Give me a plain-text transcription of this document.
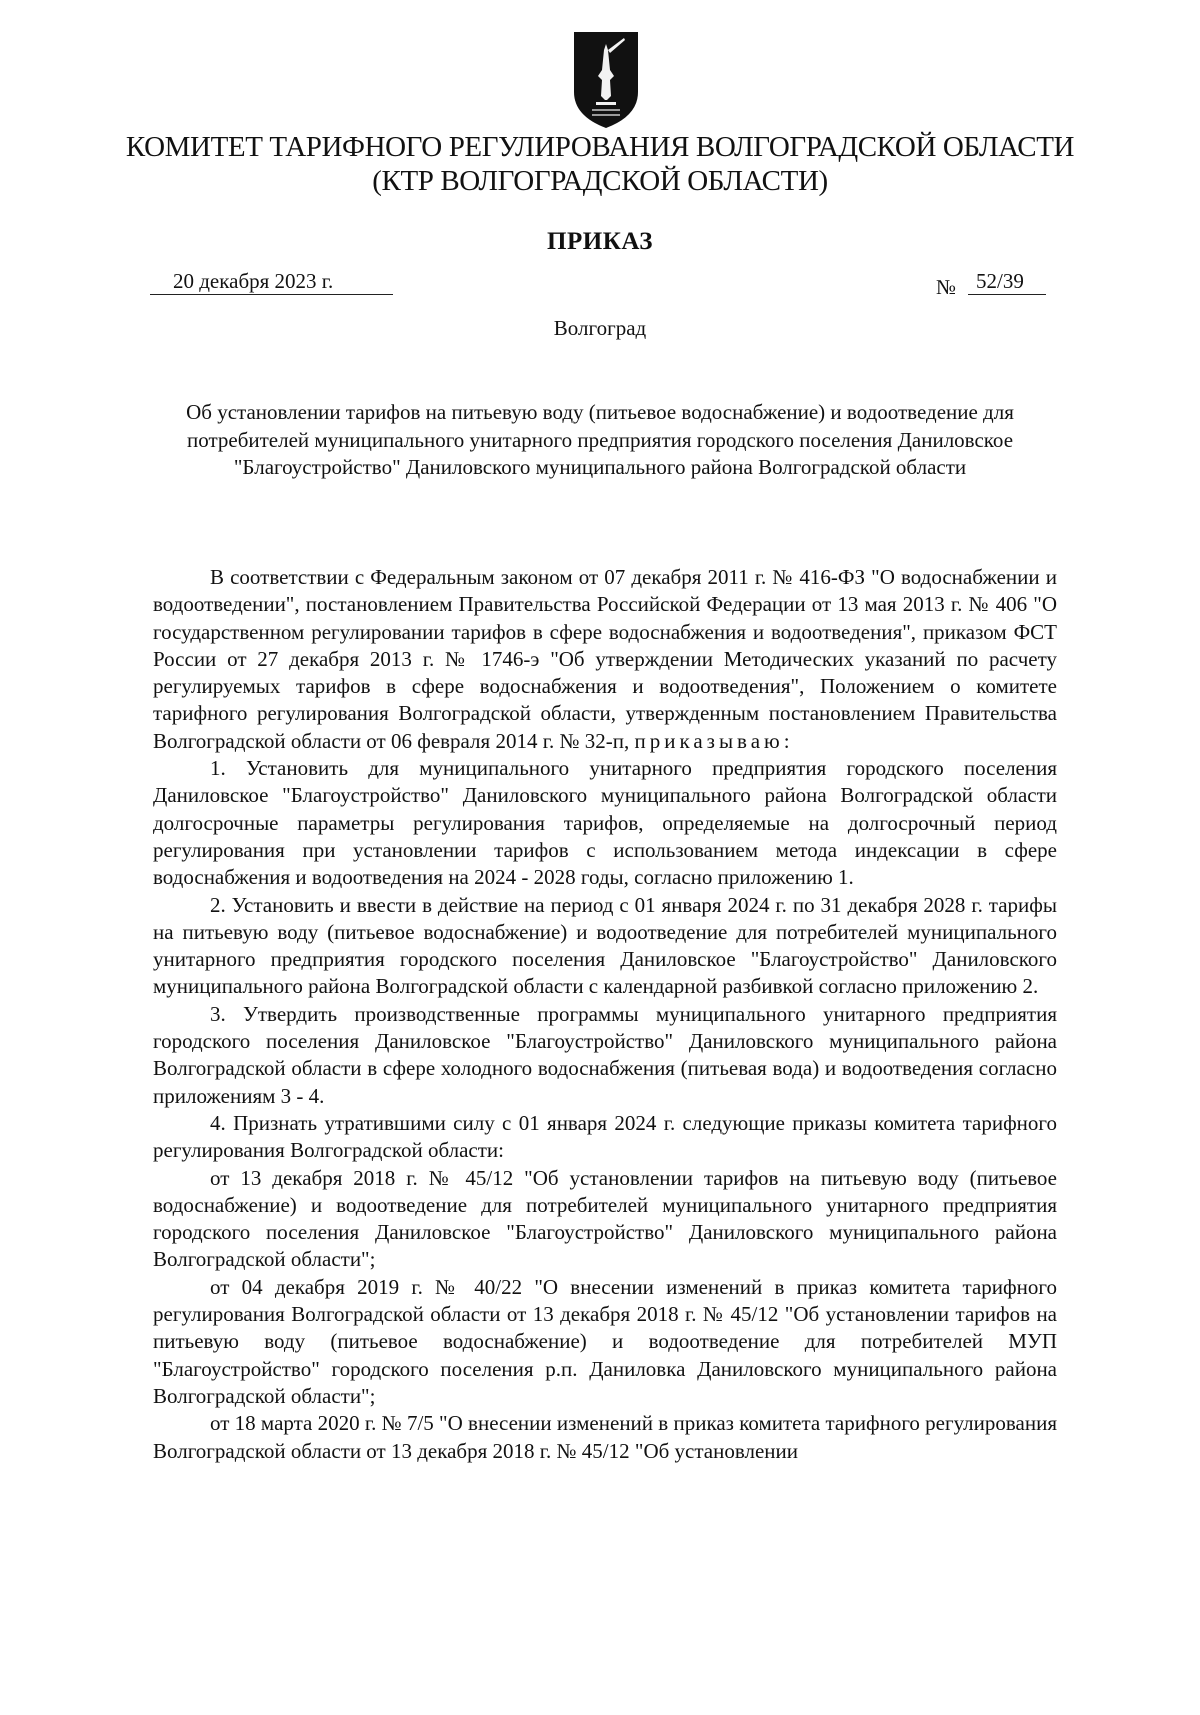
КОМИТЕТ ТАРИФНОГО РЕГУЛИРОВАНИЯ ВОЛГОГРАДСКОЙ ОБЛАСТИ
(КТР ВОЛГОГРАДСКОЙ ОБЛАСТИ)
ПРИКАЗ
20 декабря 2023 г.	№ 52/39
Волгоград
Об установлении тарифов на питьевую воду (питьевое водоснабжение) и водоотведение для потребителей муниципального унитарного предприятия городского поселения Даниловское "Благоустройство" Даниловского муниципального района Волгоградской области

В соответствии с Федеральным законом от 07 декабря 2011 г. № 416-ФЗ "О водоснабжении и водоотведении", постановлением Правительства Российской Федерации от 13 мая 2013 г. № 406 "О государственном регулировании тарифов в сфере водоснабжения и водоотведения", приказом ФСТ России от 27 декабря 2013 г. № 1746-э "Об утверждении Методических указаний по расчету регулируемых тарифов в сфере водоснабжения и водоотведения", Положением о комитете тарифного регулирования Волгоградской области, утвержденным постановлением Правительства Волгоградской области от 06 февраля 2014 г. № 32-п, приказываю:

1. Установить для муниципального унитарного предприятия городского поселения Даниловское "Благоустройство" Даниловского муниципального района Волгоградской области долгосрочные параметры регулирования тарифов, определяемые на долгосрочный период регулирования при установлении тарифов с использованием метода индексации в сфере водоснабжения и водоотведения на 2024 - 2028 годы, согласно приложению 1.

2. Установить и ввести в действие на период с 01 января 2024 г. по 31 декабря 2028 г. тарифы на питьевую воду (питьевое водоснабжение) и водоотведение для потребителей муниципального унитарного предприятия городского поселения Даниловское "Благоустройство" Даниловского муниципального района Волгоградской области с календарной разбивкой согласно приложению 2.

3. Утвердить производственные программы муниципального унитарного предприятия городского поселения Даниловское "Благоустройство" Даниловского муниципального района Волгоградской области в сфере холодного водоснабжения (питьевая вода) и водоотведения согласно приложениям 3 - 4.

4. Признать утратившими силу с 01 января 2024 г. следующие приказы комитета тарифного регулирования Волгоградской области:

от 13 декабря 2018 г. № 45/12 "Об установлении тарифов на питьевую воду (питьевое водоснабжение) и водоотведение для потребителей муниципального унитарного предприятия городского поселения Даниловское "Благоустройство" Даниловского муниципального района Волгоградской области";

от 04 декабря 2019 г. № 40/22 "О внесении изменений в приказ комитета тарифного регулирования Волгоградской области от 13 декабря 2018 г. № 45/12 "Об установлении тарифов на питьевую воду (питьевое водоснабжение) и водоотведение для потребителей МУП "Благоустройство" городского поселения р.п. Даниловка Даниловского муниципального района Волгоградской области";

от 18 марта 2020 г. № 7/5 "О внесении изменений в приказ комитета тарифного регулирования Волгоградской области от 13 декабря 2018 г. № 45/12 "Об установлении
